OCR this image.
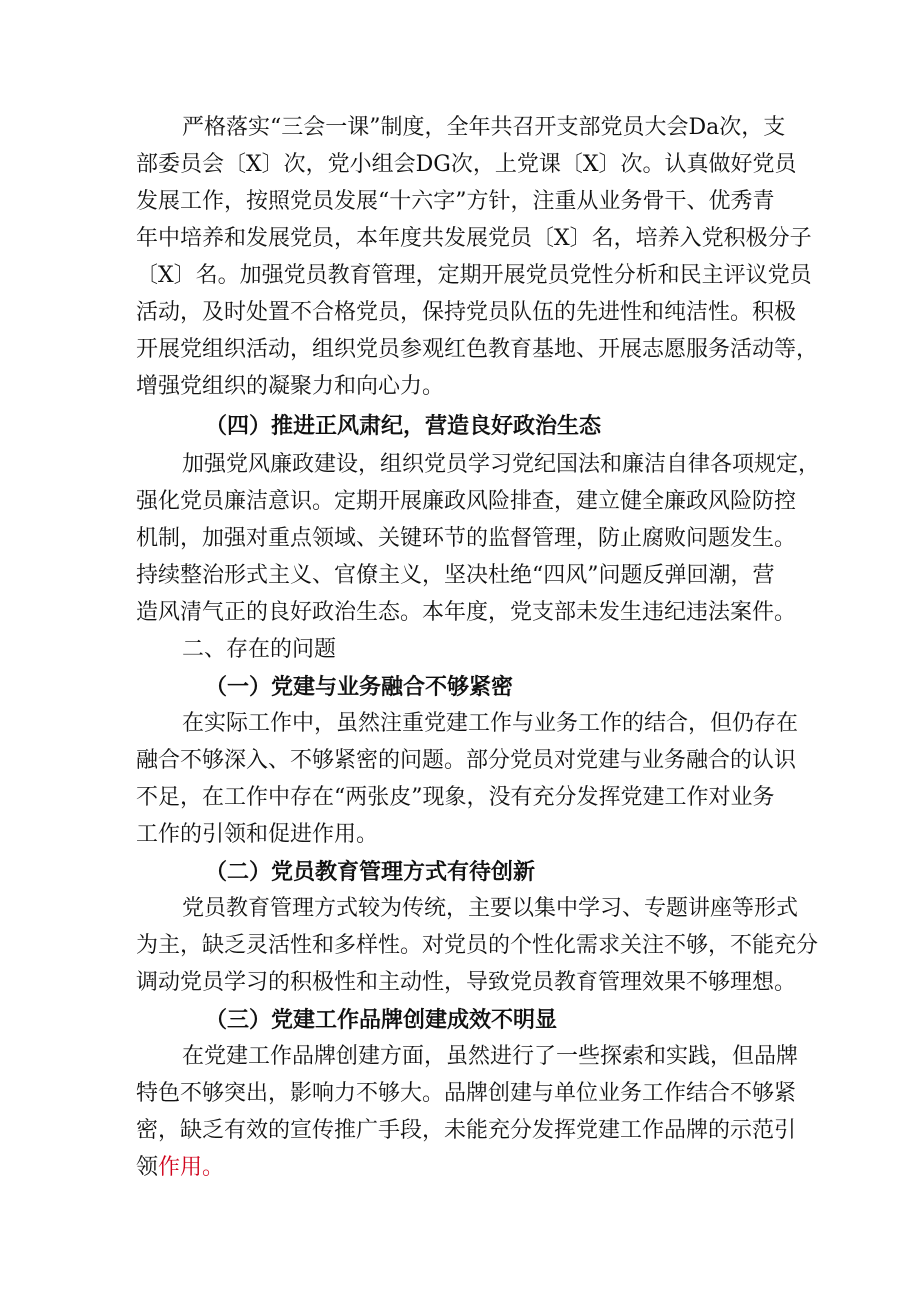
严格落实“三会一课”制度，全年共召开支部党员大会Da次，支
部委员会〔X〕次，党小组会DG次，上党课〔X〕次。认真做好党员
发展工作，按照党员发展“十六字”方针，注重从业务骨干、优秀青
年中培养和发展党员，本年度共发展党员〔X〕名，培养入党积极分子
〔X〕名。加强党员教育管理，定期开展党员党性分析和民主评议党员
活动，及时处置不合格党员，保持党员队伍的先进性和纯洁性。积极
开展党组织活动，组织党员参观红色教育基地、开展志愿服务活动等，
增强党组织的凝聚力和向心力。
（四）推进正风肃纪，营造良好政治生态
加强党风廉政建设，组织党员学习党纪国法和廉洁自律各项规定，
强化党员廉洁意识。定期开展廉政风险排查，建立健全廉政风险防控
机制，加强对重点领域、关键环节的监督管理，防止腐败问题发生。
持续整治形式主义、官僚主义，坚决杜绝“四风”问题反弹回潮，营
造风清气正的良好政治生态。本年度，党支部未发生违纪违法案件。
二、存在的问题
（一）党建与业务融合不够紧密
在实际工作中，虽然注重党建工作与业务工作的结合，但仍存在
融合不够深入、不够紧密的问题。部分党员对党建与业务融合的认识
不足，在工作中存在“两张皮”现象，没有充分发挥党建工作对业务
工作的引领和促进作用。
（二）党员教育管理方式有待创新
党员教育管理方式较为传统，主要以集中学习、专题讲座等形式
为主，缺乏灵活性和多样性。对党员的个性化需求关注不够，不能充分
调动党员学习的积极性和主动性，导致党员教育管理效果不够理想。
（三）党建工作品牌创建成效不明显
在党建工作品牌创建方面，虽然进行了一些探索和实践，但品牌
特色不够突出，影响力不够大。品牌创建与单位业务工作结合不够紧
密，缺乏有效的宣传推广手段，未能充分发挥党建工作品牌的示范引
领作用。
